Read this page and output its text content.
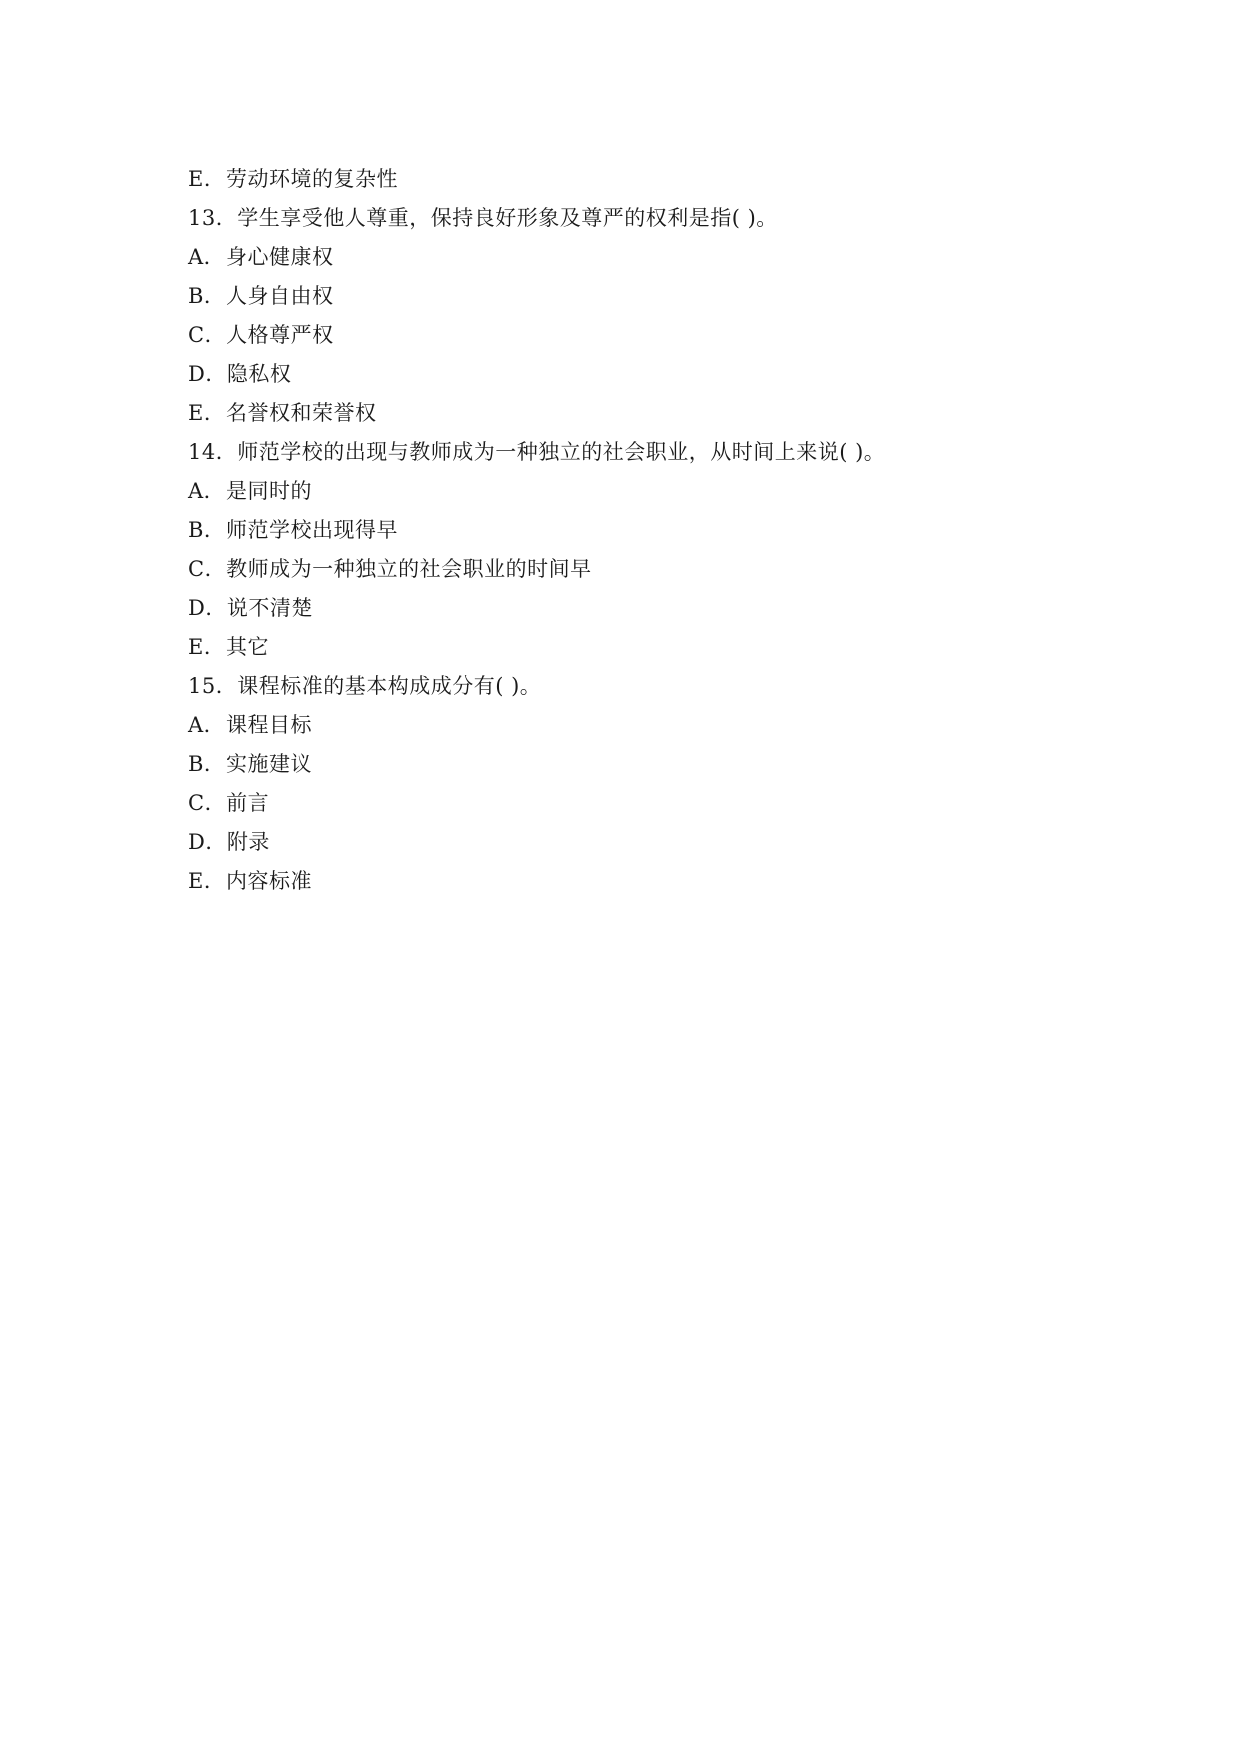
E．劳动环境的复杂性
13．学生享受他人尊重，保持良好形象及尊严的权利是指( )。
A．身心健康权
B．人身自由权
C．人格尊严权
D．隐私权
E．名誉权和荣誉权
14．师范学校的出现与教师成为一种独立的社会职业，从时间上来说( )。
A．是同时的
B．师范学校出现得早
C．教师成为一种独立的社会职业的时间早
D．说不清楚
E．其它
15．课程标准的基本构成成分有( )。
A．课程目标
B．实施建议
C．前言
D．附录
E．内容标准
